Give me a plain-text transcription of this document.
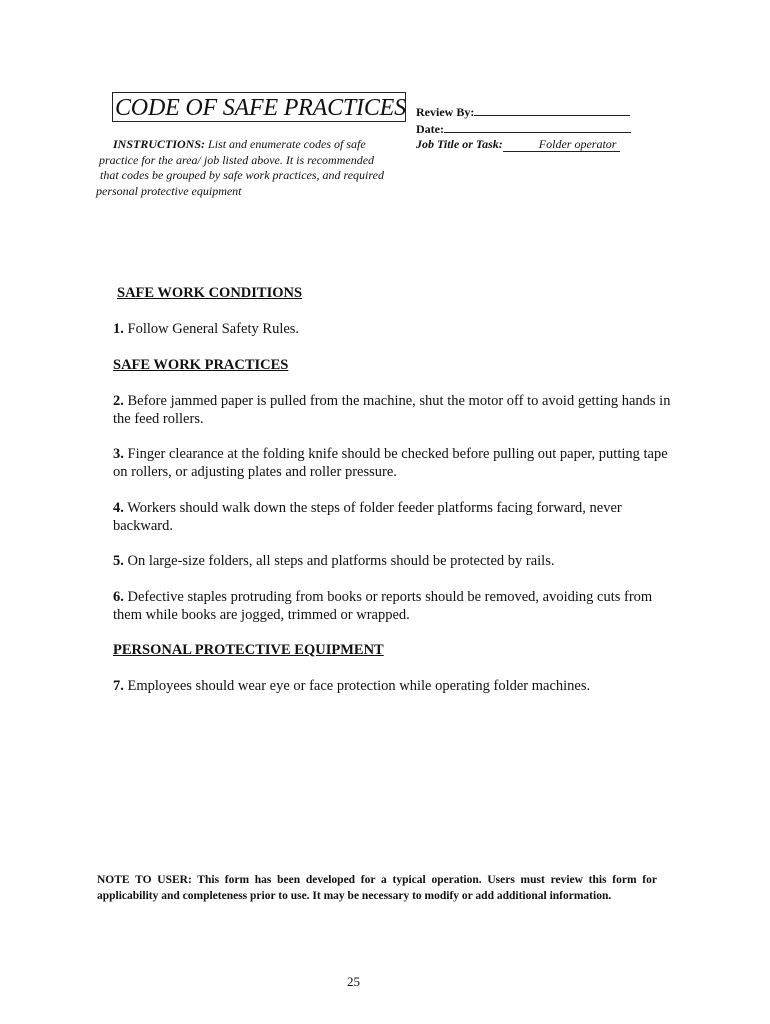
CODE OF SAFE PRACTICES
INSTRUCTIONS: List and enumerate codes of safe
practice for the area/ job listed above. It is recommended
that codes be grouped by safe work practices, and required
personal protective equipment
Review By:
Date:
Job Title or Task:	Folder operator
SAFE WORK CONDITIONS
1. Follow General Safety Rules.
SAFE WORK PRACTICES
2. Before jammed paper is pulled from the machine, shut the motor off to avoid getting hands in the feed rollers.
3. Finger clearance at the folding knife should be checked before pulling out paper, putting tape on rollers, or adjusting plates and roller pressure.
4. Workers should walk down the steps of folder feeder platforms facing forward, never backward.
5. On large-size folders, all steps and platforms should be protected by rails.
6. Defective staples protruding from books or reports should be removed, avoiding cuts from them while books are jogged, trimmed or wrapped.
PERSONAL PROTECTIVE EQUIPMENT
7. Employees should wear eye or face protection while operating folder machines.
NOTE TO USER: This form has been developed for a typical operation. Users must review this form for applicability and completeness prior to use. It may be necessary to modify or add additional information.
25
